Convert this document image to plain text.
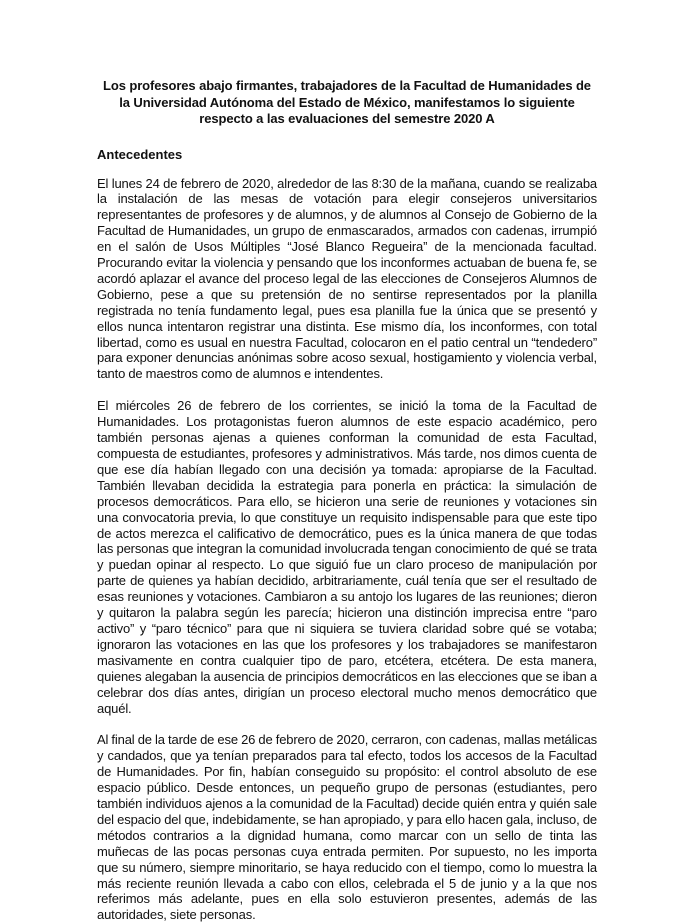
Los profesores abajo firmantes, trabajadores de la Facultad de Humanidades de la Universidad Autónoma del Estado de México, manifestamos lo siguiente respecto a las evaluaciones del semestre 2020 A

Antecedentes

El lunes 24 de febrero de 2020, alrededor de las 8:30 de la mañana, cuando se realizaba la instalación de las mesas de votación para elegir consejeros universitarios representantes de profesores y de alumnos, y de alumnos al Consejo de Gobierno de la Facultad de Humanidades, un grupo de enmascarados, armados con cadenas, irrumpió en el salón de Usos Múltiples “José Blanco Regueira” de la mencionada facultad. Procurando evitar la violencia y pensando que los inconformes actuaban de buena fe, se acordó aplazar el avance del proceso legal de las elecciones de Consejeros Alumnos de Gobierno, pese a que su pretensión de no sentirse representados por la planilla registrada no tenía fundamento legal, pues esa planilla fue la única que se presentó y ellos nunca intentaron registrar una distinta. Ese mismo día, los inconformes, con total libertad, como es usual en nuestra Facultad, colocaron en el patio central un “tendedero” para exponer denuncias anónimas sobre acoso sexual, hostigamiento y violencia verbal, tanto de maestros como de alumnos e intendentes.

El miércoles 26 de febrero de los corrientes, se inició la toma de la Facultad de Humanidades. Los protagonistas fueron alumnos de este espacio académico, pero también personas ajenas a quienes conforman la comunidad de esta Facultad, compuesta de estudiantes, profesores y administrativos. Más tarde, nos dimos cuenta de que ese día habían llegado con una decisión ya tomada: apropiarse de la Facultad. También llevaban decidida la estrategia para ponerla en práctica: la simulación de procesos democráticos. Para ello, se hicieron una serie de reuniones y votaciones sin una convocatoria previa, lo que constituye un requisito indispensable para que este tipo de actos merezca el calificativo de democrático, pues es la única manera de que todas las personas que integran la comunidad involucrada tengan conocimiento de qué se trata y puedan opinar al respecto. Lo que siguió fue un claro proceso de manipulación por parte de quienes ya habían decidido, arbitrariamente, cuál tenía que ser el resultado de esas reuniones y votaciones. Cambiaron a su antojo los lugares de las reuniones; dieron y quitaron la palabra según les parecía; hicieron una distinción imprecisa entre “paro activo” y “paro técnico” para que ni siquiera se tuviera claridad sobre qué se votaba; ignoraron las votaciones en las que los profesores y los trabajadores se manifestaron masivamente en contra cualquier tipo de paro, etcétera, etcétera. De esta manera, quienes alegaban la ausencia de principios democráticos en las elecciones que se iban a celebrar dos días antes, dirigían un proceso electoral mucho menos democrático que aquél.

Al final de la tarde de ese 26 de febrero de 2020, cerraron, con cadenas, mallas metálicas y candados, que ya tenían preparados para tal efecto, todos los accesos de la Facultad de Humanidades. Por fin, habían conseguido su propósito: el control absoluto de ese espacio público. Desde entonces, un pequeño grupo de personas (estudiantes, pero también individuos ajenos a la comunidad de la Facultad) decide quién entra y quién sale del espacio del que, indebidamente, se han apropiado, y para ello hacen gala, incluso, de métodos contrarios a la dignidad humana, como marcar con un sello de tinta las muñecas de las pocas personas cuya entrada permiten. Por supuesto, no les importa que su número, siempre minoritario, se haya reducido con el tiempo, como lo muestra la más reciente reunión llevada a cabo con ellos, celebrada el 5 de junio y a la que nos referimos más adelante, pues en ella solo estuvieron presentes, además de las autoridades, siete personas.
